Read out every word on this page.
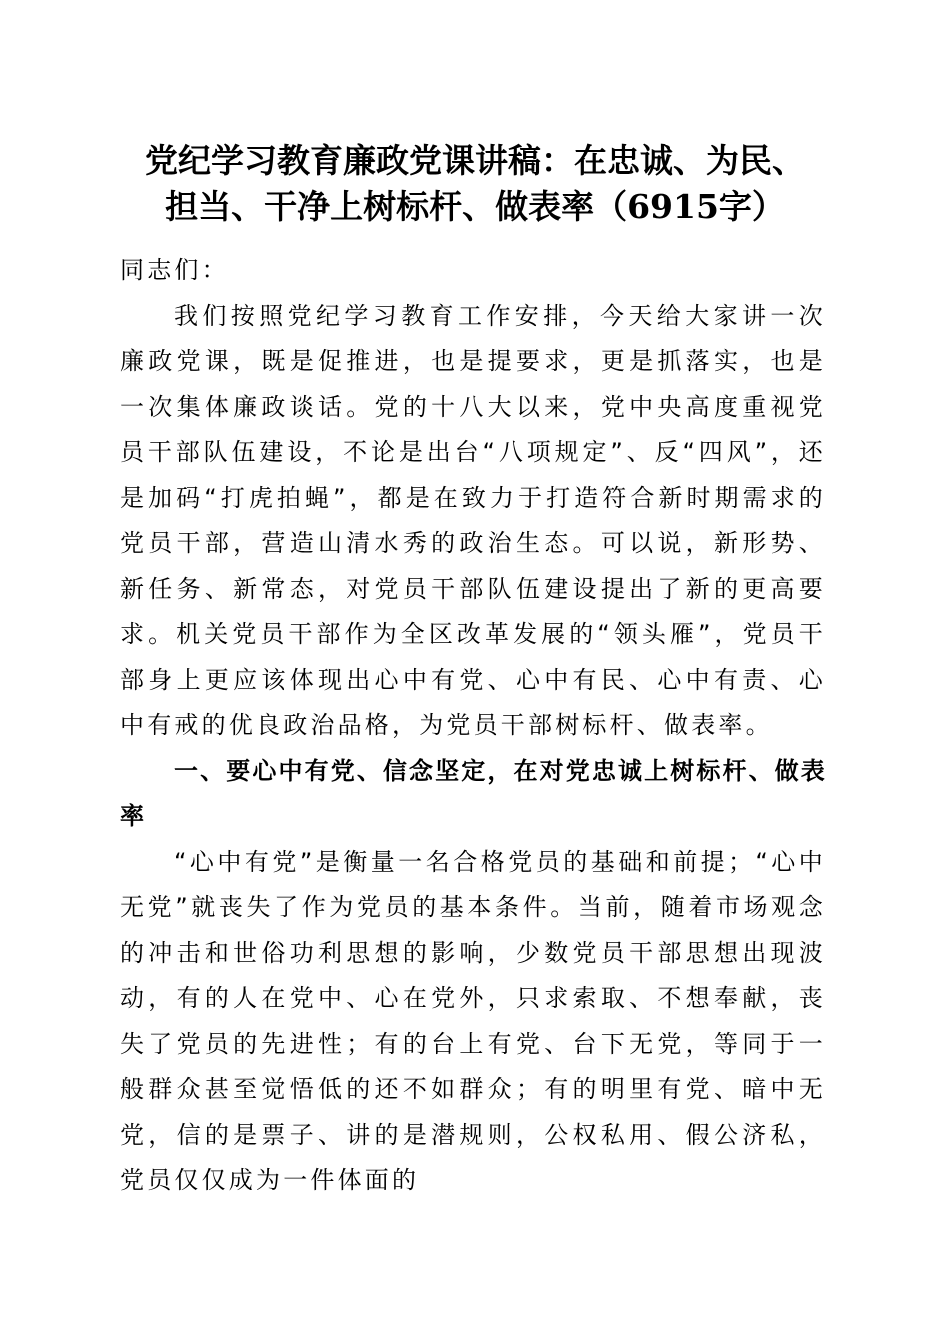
党纪学习教育廉政党课讲稿：在忠诚、为民、
担当、干净上树标杆、做表率（6915字）

同志们：

我们按照党纪学习教育工作安排，今天给大家讲一次廉政党课，既是促推进，也是提要求，更是抓落实，也是一次集体廉政谈话。党的十八大以来，党中央高度重视党员干部队伍建设，不论是出台“八项规定”、反“四风”，还是加码“打虎拍蝇”，都是在致力于打造符合新时期需求的党员干部，营造山清水秀的政治生态。可以说，新形势、新任务、新常态，对党员干部队伍建设提出了新的更高要求。机关党员干部作为全区改革发展的“领头雁”，党员干部身上更应该体现出心中有党、心中有民、心中有责、心中有戒的优良政治品格，为党员干部树标杆、做表率。

一、要心中有党、信念坚定，在对党忠诚上树标杆、做表率

“心中有党”是衡量一名合格党员的基础和前提；“心中无党”就丧失了作为党员的基本条件。当前，随着市场观念的冲击和世俗功利思想的影响，少数党员干部思想出现波动，有的人在党中、心在党外，只求索取、不想奉献，丧失了党员的先进性；有的台上有党、台下无党，等同于一般群众甚至觉悟低的还不如群众；有的明里有党、暗中无党，信的是票子、讲的是潜规则，公权私用、假公济私，党员仅仅成为一件体面的
